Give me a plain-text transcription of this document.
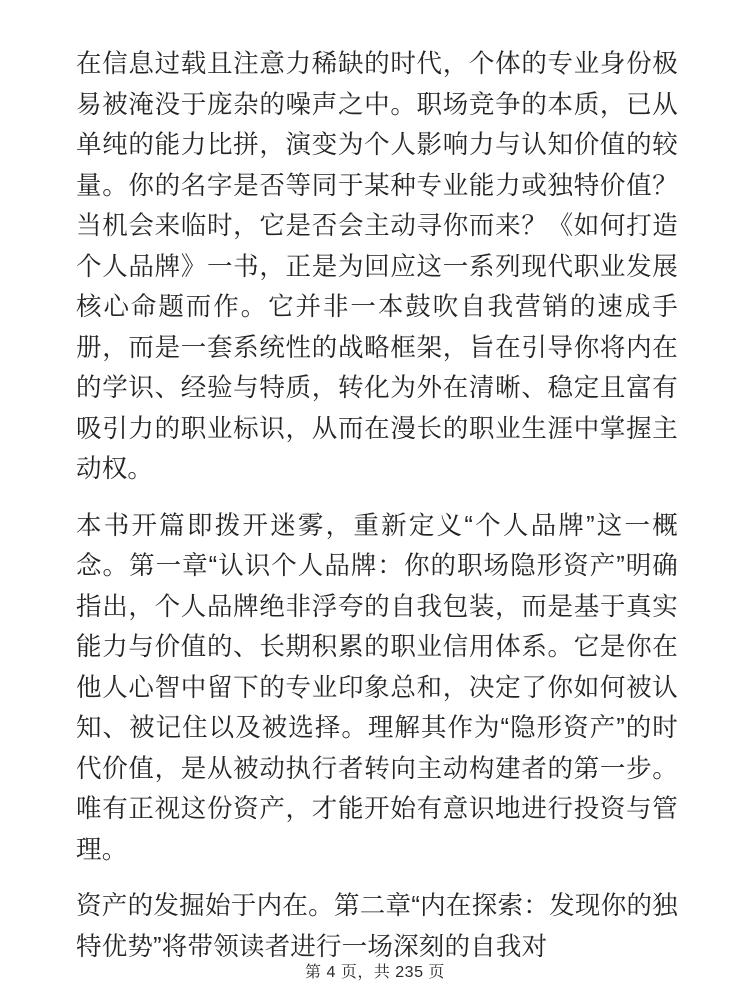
在信息过载且注意力稀缺的时代，个体的专业身份极易被淹没于庞杂的噪声之中。职场竞争的本质，已从单纯的能力比拼，演变为个人影响力与认知价值的较量。你的名字是否等同于某种专业能力或独特价值？当机会来临时，它是否会主动寻你而来？《如何打造个人品牌》一书，正是为回应这一系列现代职业发展核心命题而作。它并非一本鼓吹自我营销的速成手册，而是一套系统性的战略框架，旨在引导你将内在的学识、经验与特质，转化为外在清晰、稳定且富有吸引力的职业标识，从而在漫长的职业生涯中掌握主动权。

本书开篇即拨开迷雾，重新定义“个人品牌”这一概念。第一章“认识个人品牌：你的职场隐形资产”明确指出，个人品牌绝非浮夸的自我包装，而是基于真实能力与价值的、长期积累的职业信用体系。它是你在他人心智中留下的专业印象总和，决定了你如何被认知、被记住以及被选择。理解其作为“隐形资产”的时代价值，是从被动执行者转向主动构建者的第一步。唯有正视这份资产，才能开始有意识地进行投资与管理。

资产的发掘始于内在。第二章“内在探索：发现你的独特优势”将带领读者进行一场深刻的自我对

第 4 页，共 235 页
